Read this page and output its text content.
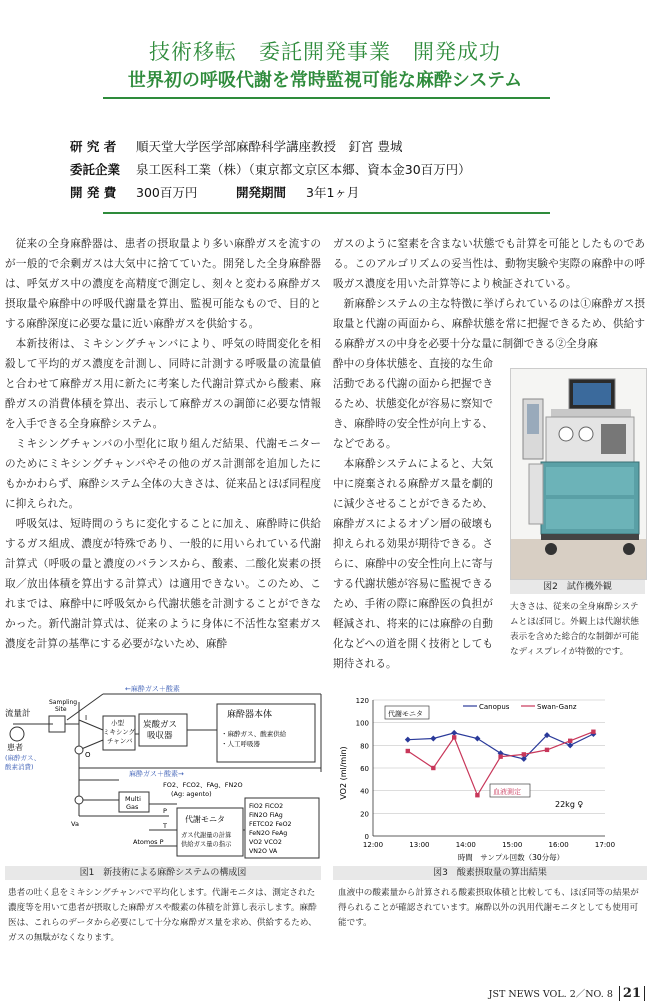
技術移転　委託開発事業　開発成功
世界初の呼吸代謝を常時監視可能な麻酔システム
研 究 者 順天堂大学医学部麻酔科学講座教授　釘宮 豊城
委託企業 泉工医科工業（株）（東京都文京区本郷、資本金30百万円）
開 発 費 300百万円	開発期間 3年1ヶ月

従来の全身麻酔器は、患者の摂取量より多い麻酔ガスを流すのが一般的で余剰ガスは大気中に捨てていた。開発した全身麻酔器は、呼気ガス中の濃度を高精度で測定し、刻々と変わる麻酔ガス摂取量や麻酔中の呼吸代謝量を算出、監視可能なもので、目的とする麻酔深度に必要な量に近い麻酔ガスを供給する。

本新技術は、ミキシングチャンバにより、呼気の時間変化を相殺して平均的ガス濃度を計測し、同時に計測する呼吸量の流量値と合わせて麻酔ガス用に新たに考案した代謝計算式から酸素、麻酔ガスの消費体積を算出、表示して麻酔ガスの調節に必要な情報を入手できる全身麻酔システム。

ミキシングチャンバの小型化に取り組んだ結果、代謝モニターのためにミキシングチャンバやその他のガス計測部を追加したにもかかわらず、麻酔システム全体の大きさは、従来品とほぼ同程度に抑えられた。

呼吸気は、短時間のうちに変化することに加え、麻酔時に供給するガス組成、濃度が特殊であり、一般的に用いられている代謝計算式（呼吸の量と濃度のバランスから、酸素、二酸化炭素の摂取／放出体積を算出する計算式）は適用できない。このため、これまでは、麻酔中に呼吸気から代謝状態を計測することができなかった。新代謝計算式は、従来のように身体に不活性な窒素ガス濃度を計算の基準にする必要がないため、麻酔

ガスのように窒素を含まない状態でも計算を可能としたものである。このアルゴリズムの妥当性は、動物実験や実際の麻酔中の呼吸ガス濃度を用いた計算等により検証されている。

新麻酔システムの主な特徴に挙げられているのは①麻酔ガス摂取量と代謝の両面から、麻酔状態を常に把握できるため、供給する麻酔ガスの中身を必要十分な量に制御できる②全身麻

酔中の身体状態を、直接的な生命活動である代謝の面から把握できるため、状態変化が容易に察知でき、麻酔時の安全性が向上する、などである。

本麻酔システムによると、大気中に廃棄される麻酔ガス量を劇的に減少させることができるため、麻酔ガスによるオゾン層の破壊も抑えられる効果が期待できる。さらに、麻酔中の安全性向上に寄与する代謝状態が容易に監視できるため、手術の際に麻酔医の負担が軽減され、将来的には麻酔の自動化などへの道を開く技術としても期待される。

図2　試作機外観
大きさは、従来の全身麻酔システムとほぼ同じ。外観上は代謝状態表示を含めた総合的な制御が可能なディスプレイが特徴的です。
←麻酔ガス＋酸素
Sampling
Site
流量計
患者
(麻酔ガス、
酸素消費)
I
O
小型
ミキシング
チャンバ
炭酸ガス
吸収器
麻酔器本体
・麻酔ガス、酸素供給
・人工呼吸器
麻酔ガス＋酸素→
FO2、FCO2、FAg、FN2O
(Ag: agento)
Va
Multi
Gas	P
T
Atomos P
代謝モニタ
ガス代謝量の計算
供給ガス量の指示
FiO2 FiCO2
FiN2O FiAg
FETCO2 FeO2
FeN2O FeAg
VO2 VCO2
VN2O VA
図1　新技術による麻酔システムの構成図
患者の吐く息をミキシングチャンバで平均化します。代謝モニタは、測定された濃度等を用いて患者が摂取した麻酔ガスや酸素の体積を計算し表示します。麻酔医は、これらのデータから必要にして十分な麻酔ガス量を求め、供給するため、ガスの無駄がなくなります。
0
20
40
60
80
100
120
12:00	13:00	14:00	15:00	16:00	17:00
Canopus	Swan-Ganz
代謝モニタ
血液測定
22kg ♀
VO2 (ml/min)
時間　サンプル回数（30分毎）
図3　酸素摂取量の算出結果
血液中の酸素量から計算される酸素摂取体積と比較しても、ほぼ同等の結果が得られることが確認されています。麻酔以外の汎用代謝モニタとしても使用可能です。
JST NEWS VOL. 2／NO. 8 21
